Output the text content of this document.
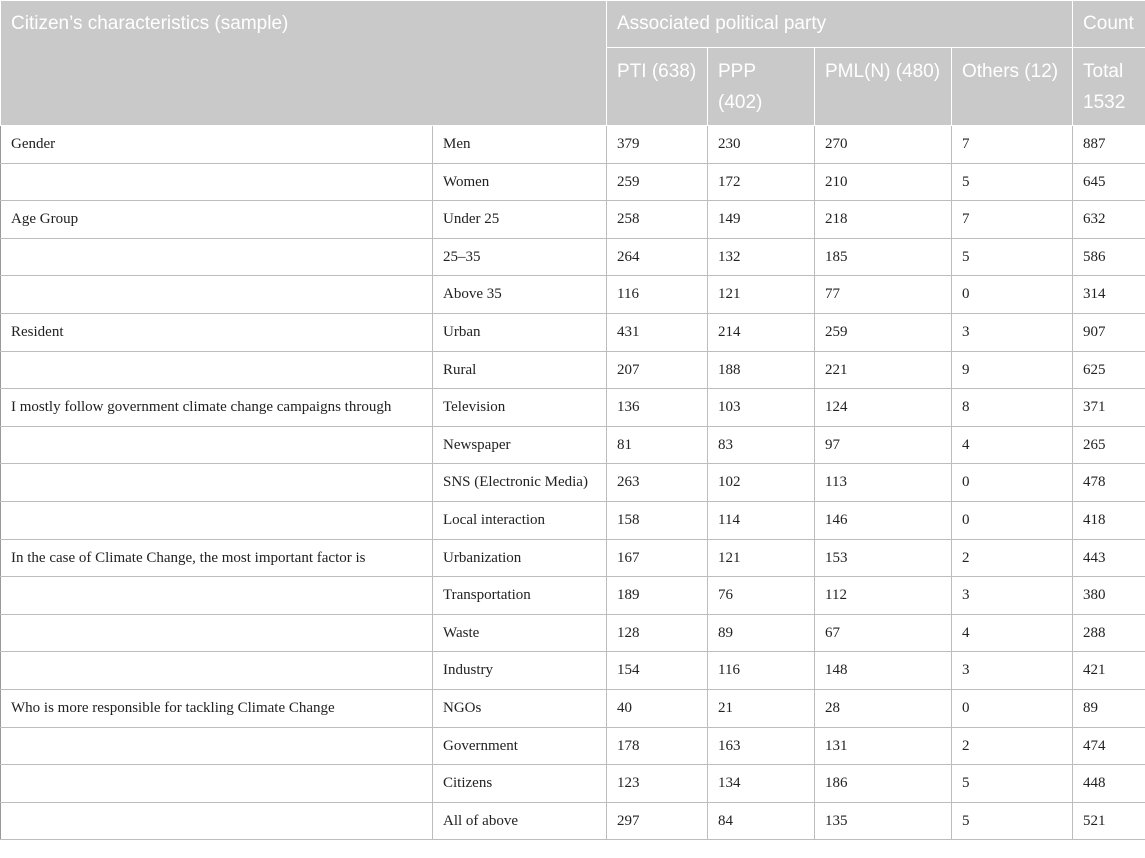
Citizen’s characteristics (sample)		Associated political party				Count
		PTI (638)	PPP (402)	PML(N) (480)	Others (12)	Total 1532
Gender	Men	379	230	270	7	887
	Women	259	172	210	5	645
Age Group	Under 25	258	149	218	7	632
	25–35	264	132	185	5	586
	Above 35	116	121	77	0	314
Resident	Urban	431	214	259	3	907
	Rural	207	188	221	9	625
I mostly follow government climate change campaigns through	Television	136	103	124	8	371
	Newspaper	81	83	97	4	265
	SNS (Electronic Media)	263	102	113	0	478
	Local interaction	158	114	146	0	418
In the case of Climate Change, the most important factor is	Urbanization	167	121	153	2	443
	Transportation	189	76	112	3	380
	Waste	128	89	67	4	288
	Industry	154	116	148	3	421
Who is more responsible for tackling Climate Change	NGOs	40	21	28	0	89
	Government	178	163	131	2	474
	Citizens	123	134	186	5	448
	All of above	297	84	135	5	521
